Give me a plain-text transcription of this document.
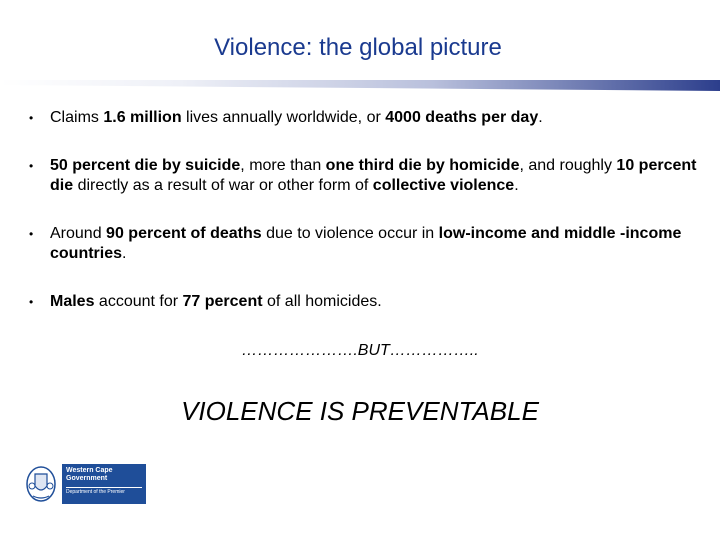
Violence: the global picture
• Claims 1.6 million lives annually worldwide, or 4000 deaths per day.
• 50 percent die by suicide, more than one third die by homicide, and roughly 10 percent die directly as a result of war or other form of collective violence.
• Around 90 percent of deaths due to violence occur in low-income and middle -income countries.
• Males account for 77 percent of all homicides.
………………….BUT……………..
VIOLENCE IS PREVENTABLE
Western Cape
Government
Department of the Premier
